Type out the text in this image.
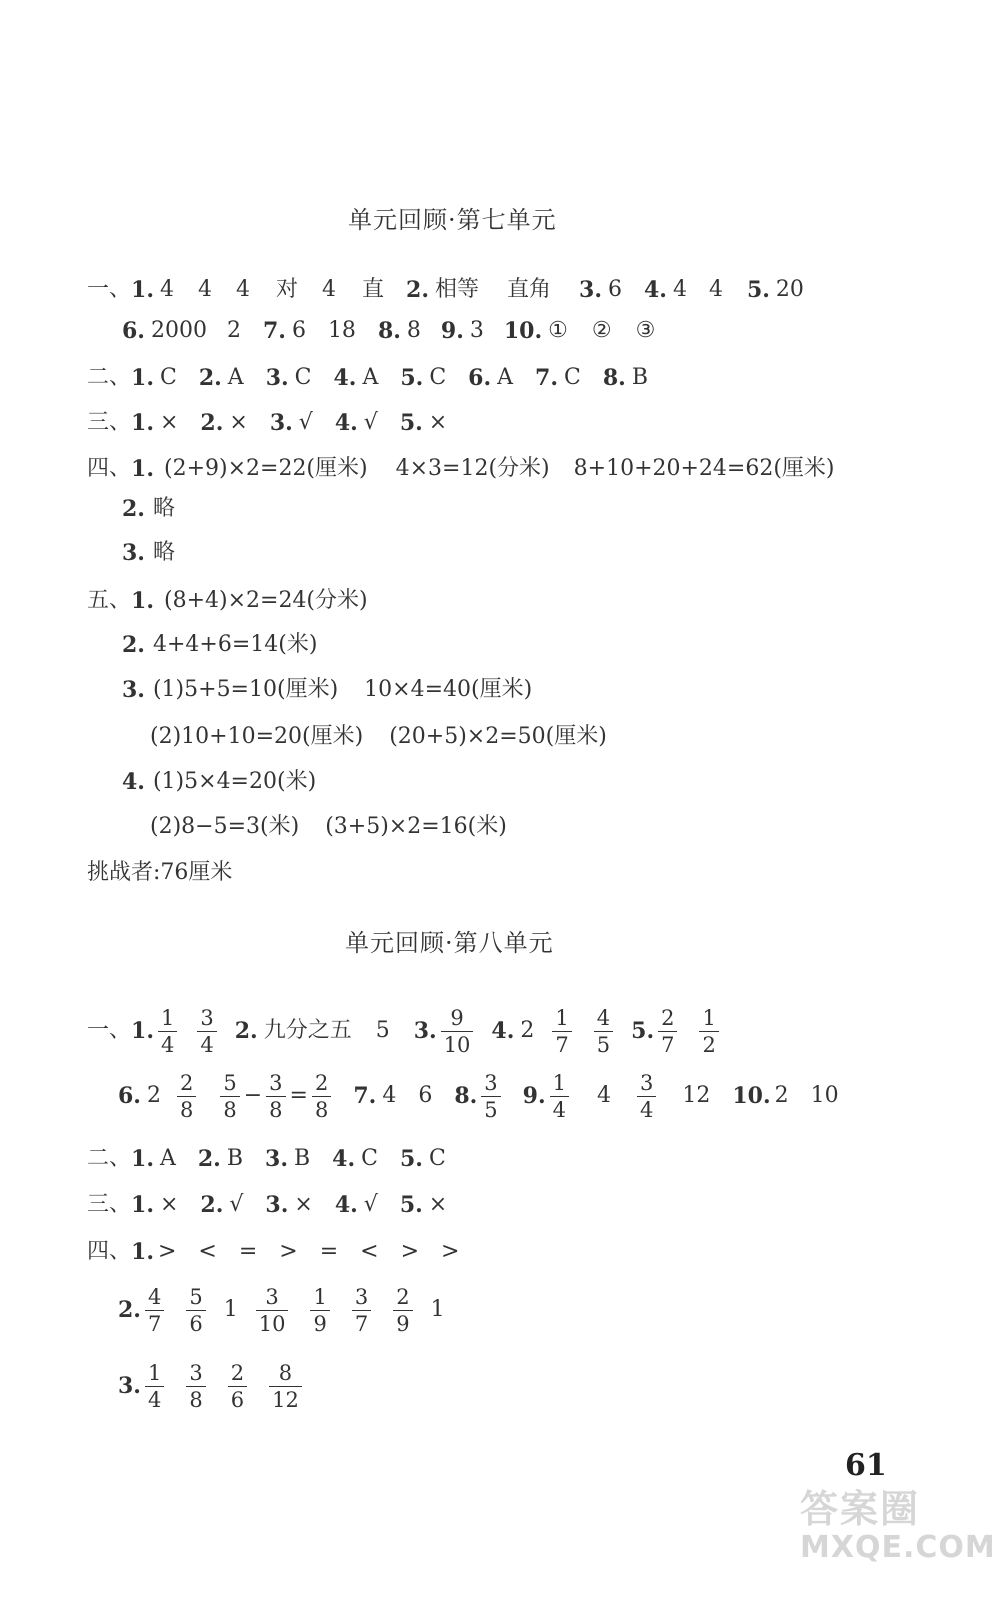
单元回顾·第七单元
一、 1. 4 4 4 对 4 直 2. 相等 直角 3. 6 4. 4 4 5. 20
6. 2000 2 7. 6 18 8. 8 9. 3 10. ① ② ③
二、 1. C 2. A 3. C 4. A 5. C 6. A 7. C 8. B
三、 1. × 2. × 3. √ 4. √ 5. ×
四、 1. (2+9)×2=22(厘米) 4×3=12(分米) 8+10+20+24=62(厘米)
2. 略
3. 略
五、 1. (8+4)×2=24(分米)
2. 4+4+6=14(米)
3. (1)5+5=10(厘米) 10×4=40(厘米)
(2)10+10=20(厘米) (20+5)×2=50(厘米)
4. (1)5×4=20(米)
(2)8−5=3(米) (3+5)×2=16(米)
挑战者:76厘米
单元回顾·第八单元
一、 1. $\frac{1}{4} \frac{3}{4} 2$. 九分之五 5 3. $\frac{9}{10} 4$. $2 \frac{1}{7} \frac{4}{5} 5$. $\frac{2}{7} \frac{1}{2}$
6. $2 \frac{2}{8} \frac{5}{8} - \frac{3}{8} = \frac{2}{8} 7$. 4 6 8. $\frac{3}{5} 9$. $\frac{1}{4} 4 \frac{3}{4} 12$ 10. 2 10
二、 1. A 2. B 3. B 4. C 5. C
三、 1. × 2. √ 3. × 4. √ 5. ×
四、 1. > < = > = < > >
2. $\frac{4}{7} \frac{5}{6} 1 \frac{3}{10} \frac{1}{9} \frac{3}{7} \frac{2}{9} 1$
3. $\frac{1}{4} \frac{3}{8} \frac{2}{6} \frac{8}{12}$
61
答案圈
MXQE.COM
